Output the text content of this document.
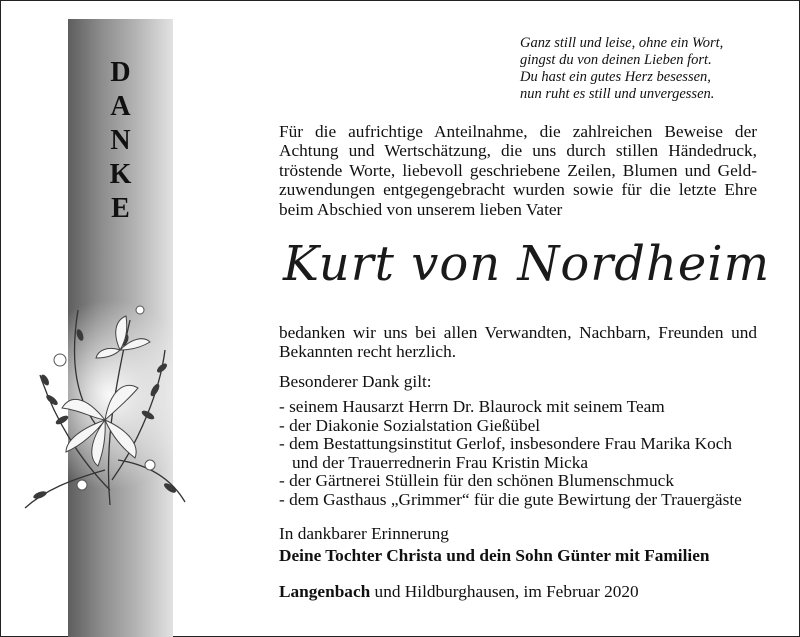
D
A
N
K
E
Ganz still und leise, ohne ein Wort,
gingst du von deinen Lieben fort.
Du hast ein gutes Herz besessen,
nun ruht es still und unvergessen.
Für die aufrichtige Anteilnahme, die zahlreichen Beweise der
Achtung und Wertschätzung, die uns durch stillen Händedruck,
tröstende Worte, liebevoll geschriebene Zeilen, Blumen und Geld-
zuwendungen entgegengebracht wurden sowie für die letzte Ehre
beim Abschied von unserem lieben Vater
Kurt von Nordheim
bedanken wir uns bei allen Verwandten, Nachbarn, Freunden und
Bekannten recht herzlich.
Besonderer Dank gilt:
- seinem Hausarzt Herrn Dr. Blaurock mit seinem Team
- der Diakonie Sozialstation Gießübel
- dem Bestattungsinstitut Gerlof, insbesondere Frau Marika Koch
und der Trauerrednerin Frau Kristin Micka
- der Gärtnerei Stüllein für den schönen Blumenschmuck
- dem Gasthaus „Grimmer“ für die gute Bewirtung der Trauergäste
In dankbarer Erinnerung
Deine Tochter Christa und dein Sohn Günter mit Familien
Langenbach und Hildburghausen, im Februar 2020
